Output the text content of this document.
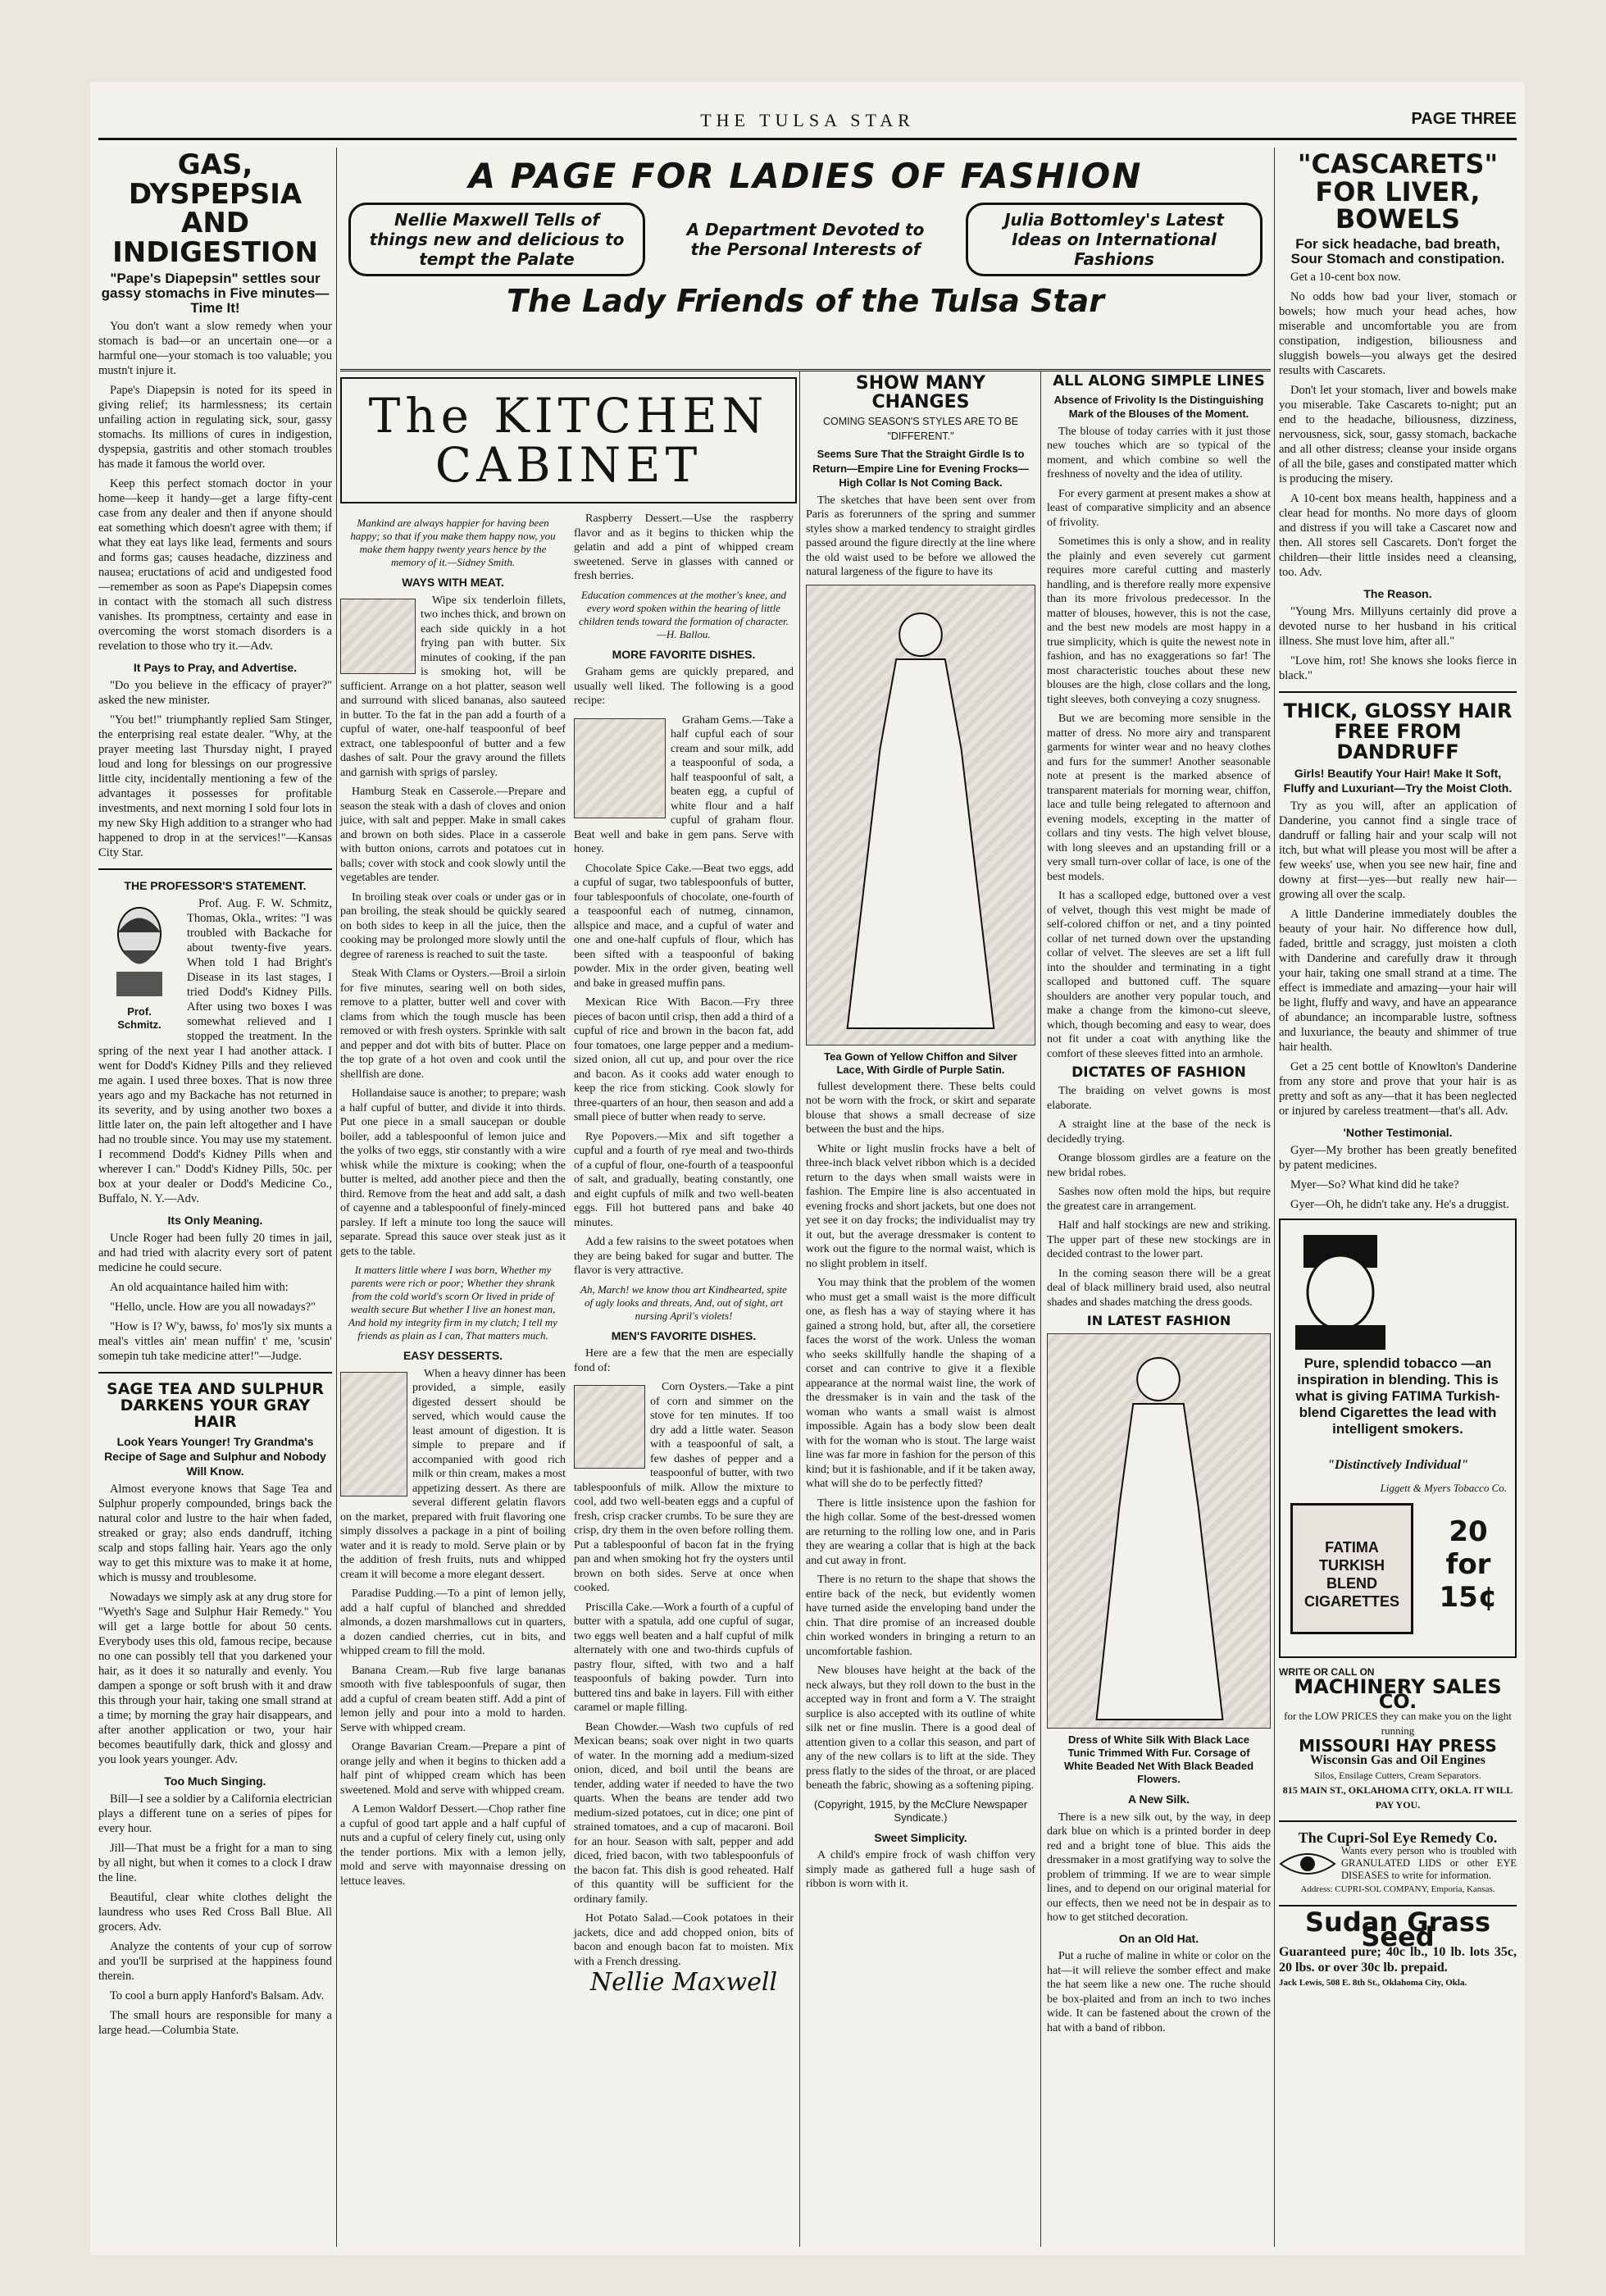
THE TULSA STAR	PAGE THREE
GAS, DYSPEPSIA AND INDIGESTION
"Pape's Diapepsin" settles sour gassy stomachs in Five minutes—Time It!

You don't want a slow remedy when your stomach is bad—or an uncertain one—or a harmful one—your stomach is too valuable; you mustn't injure it.

Pape's Diapepsin is noted for its speed in giving relief; its harmlessness; its certain unfailing action in regulating sick, sour, gassy stomachs. Its millions of cures in indigestion, dyspepsia, gastritis and other stomach troubles has made it famous the world over.

Keep this perfect stomach doctor in your home—keep it handy—get a large fifty-cent case from any dealer and then if anyone should eat something which doesn't agree with them; if what they eat lays like lead, ferments and sours and forms gas; causes headache, dizziness and nausea; eructations of acid and undigested food—remember as soon as Pape's Diapepsin comes in contact with the stomach all such distress vanishes. Its promptness, certainty and ease in overcoming the worst stomach disorders is a revelation to those who try it.—Adv.

It Pays to Pray, and Advertise.

"Do you believe in the efficacy of prayer?" asked the new minister.

"You bet!" triumphantly replied Sam Stinger, the enterprising real estate dealer. "Why, at the prayer meeting last Thursday night, I prayed loud and long for blessings on our progressive little city, incidentally mentioning a few of the advantages it possesses for profitable investments, and next morning I sold four lots in my new Sky High addition to a stranger who had happened to drop in at the services!"—Kansas City Star.

THE PROFESSOR'S STATEMENT.
Prof. Schmitz.

Prof. Aug. F. W. Schmitz, Thomas, Okla., writes: "I was troubled with Backache for about twenty-five years. When told I had Bright's Disease in its last stages, I tried Dodd's Kidney Pills. After using two boxes I was somewhat relieved and I stopped the treatment. In the spring of the next year I had another attack. I went for Dodd's Kidney Pills and they relieved me again. I used three boxes. That is now three years ago and my Backache has not returned in its severity, and by using another two boxes a little later on, the pain left altogether and I have had no trouble since. You may use my statement. I recommend Dodd's Kidney Pills when and wherever I can." Dodd's Kidney Pills, 50c. per box at your dealer or Dodd's Medicine Co., Buffalo, N. Y.—Adv.

Its Only Meaning.

Uncle Roger had been fully 20 times in jail, and had tried with alacrity every sort of patent medicine he could secure.

An old acquaintance hailed him with:

"Hello, uncle. How are you all nowadays?"

"How is I? W'y, bawss, fo' mos'ly six munts a meal's vittles ain' mean nuffin' t' me, 'scusin' somepin tuh take medicine atter!"—Judge.

SAGE TEA AND SULPHUR DARKENS YOUR GRAY HAIR
Look Years Younger! Try Grandma's Recipe of Sage and Sulphur and Nobody Will Know.

Almost everyone knows that Sage Tea and Sulphur properly compounded, brings back the natural color and lustre to the hair when faded, streaked or gray; also ends dandruff, itching scalp and stops falling hair. Years ago the only way to get this mixture was to make it at home, which is mussy and troublesome.

Nowadays we simply ask at any drug store for "Wyeth's Sage and Sulphur Hair Remedy." You will get a large bottle for about 50 cents. Everybody uses this old, famous recipe, because no one can possibly tell that you darkened your hair, as it does it so naturally and evenly. You dampen a sponge or soft brush with it and draw this through your hair, taking one small strand at a time; by morning the gray hair disappears, and after another application or two, your hair becomes beautifully dark, thick and glossy and you look years younger. Adv.

Too Much Singing.

Bill—I see a soldier by a California electrician plays a different tune on a series of pipes for every hour.

Jill—That must be a fright for a man to sing by all night, but when it comes to a clock I draw the line.

Beautiful, clear white clothes delight the laundress who uses Red Cross Ball Blue. All grocers. Adv.

Analyze the contents of your cup of sorrow and you'll be surprised at the happiness found therein.

To cool a burn apply Hanford's Balsam. Adv.

The small hours are responsible for many a large head.—Columbia State.

A PAGE FOR LADIES OF FASHION
Nellie Maxwell Tells of things new and delicious to tempt the Palate
A Department Devoted to the Personal Interests of
Julia Bottomley's Latest Ideas on International Fashions
The Lady Friends of the Tulsa Star
The KITCHEN CABINET
Mankind are always happier for having been happy; so that if you make them happy now, you make them happy twenty years hence by the memory of it.—Sidney Smith.
WAYS WITH MEAT.

Wipe six tenderloin fillets, two inches thick, and brown on each side quickly in a hot frying pan with butter. Six minutes of cooking, if the pan is smoking hot, will be sufficient. Arrange on a hot platter, season well and surround with sliced bananas, also sauteed in butter. To the fat in the pan add a fourth of a cupful of water, one-half teaspoonful of beef extract, one tablespoonful of butter and a few dashes of salt. Pour the gravy around the fillets and garnish with sprigs of parsley.

Hamburg Steak en Casserole.—Prepare and season the steak with a dash of cloves and onion juice, with salt and pepper. Make in small cakes and brown on both sides. Place in a casserole with button onions, carrots and potatoes cut in balls; cover with stock and cook slowly until the vegetables are tender.

In broiling steak over coals or under gas or in pan broiling, the steak should be quickly seared on both sides to keep in all the juice, then the cooking may be prolonged more slowly until the degree of rareness is reached to suit the taste.

Steak With Clams or Oysters.—Broil a sirloin for five minutes, searing well on both sides, remove to a platter, butter well and cover with clams from which the tough muscle has been removed or with fresh oysters. Sprinkle with salt and pepper and dot with bits of butter. Place on the top grate of a hot oven and cook until the shellfish are done.

Hollandaise sauce is another; to prepare; wash a half cupful of butter, and divide it into thirds. Put one piece in a small saucepan or double boiler, add a tablespoonful of lemon juice and the yolks of two eggs, stir constantly with a wire whisk while the mixture is cooking; when the butter is melted, add another piece and then the third. Remove from the heat and add salt, a dash of cayenne and a tablespoonful of finely-minced parsley. If left a minute too long the sauce will separate. Spread this sauce over steak just as it gets to the table.

It matters little where I was born, Whether my parents were rich or poor; Whether they shrank from the cold world's scorn Or lived in pride of wealth secure But whether I live an honest man, And hold my integrity firm in my clutch; I tell my friends as plain as I can, That matters much.
EASY DESSERTS.

When a heavy dinner has been provided, a simple, easily digested dessert should be served, which would cause the least amount of digestion. It is simple to prepare and if accompanied with good rich milk or thin cream, makes a most appetizing dessert. As there are several different gelatin flavors on the market, prepared with fruit flavoring one simply dissolves a package in a pint of boiling water and it is ready to mold. Serve plain or by the addition of fresh fruits, nuts and whipped cream it will become a more elegant dessert.

Paradise Pudding.—To a pint of lemon jelly, add a half cupful of blanched and shredded almonds, a dozen marshmallows cut in quarters, a dozen candied cherries, cut in bits, and whipped cream to fill the mold.

Banana Cream.—Rub five large bananas smooth with five tablespoonfuls of sugar, then add a cupful of cream beaten stiff. Add a pint of lemon jelly and pour into a mold to harden. Serve with whipped cream.

Orange Bavarian Cream.—Prepare a pint of orange jelly and when it begins to thicken add a half pint of whipped cream which has been sweetened. Mold and serve with whipped cream.

A Lemon Waldorf Dessert.—Chop rather fine a cupful of good tart apple and a half cupful of nuts and a cupful of celery finely cut, using only the tender portions. Mix with a lemon jelly, mold and serve with mayonnaise dressing on lettuce leaves.

Raspberry Dessert.—Use the raspberry flavor and as it begins to thicken whip the gelatin and add a pint of whipped cream sweetened. Serve in glasses with canned or fresh berries.

Education commences at the mother's knee, and every word spoken within the hearing of little children tends toward the formation of character.—H. Ballou.
MORE FAVORITE DISHES.

Graham gems are quickly prepared, and usually well liked. The following is a good recipe:

Graham Gems.—Take a half cupful each of sour cream and sour milk, add a teaspoonful of soda, a half teaspoonful of salt, a beaten egg, a cupful of white flour and a half cupful of graham flour. Beat well and bake in gem pans. Serve with honey.

Chocolate Spice Cake.—Beat two eggs, add a cupful of sugar, two tablespoonfuls of butter, four tablespoonfuls of chocolate, one-fourth of a teaspoonful each of nutmeg, cinnamon, allspice and mace, and a cupful of water and one and one-half cupfuls of flour, which has been sifted with a teaspoonful of baking powder. Mix in the order given, beating well and bake in greased muffin pans.

Mexican Rice With Bacon.—Fry three pieces of bacon until crisp, then add a third of a cupful of rice and brown in the bacon fat, add four tomatoes, one large pepper and a medium-sized onion, all cut up, and pour over the rice and bacon. As it cooks add water enough to keep the rice from sticking. Cook slowly for three-quarters of an hour, then season and add a small piece of butter when ready to serve.

Rye Popovers.—Mix and sift together a cupful and a fourth of rye meal and two-thirds of a cupful of flour, one-fourth of a teaspoonful of salt, and gradually, beating constantly, one and eight cupfuls of milk and two well-beaten eggs. Fill hot buttered pans and bake 40 minutes.

Add a few raisins to the sweet potatoes when they are being baked for sugar and butter. The flavor is very attractive.

Ah, March! we know thou art Kindhearted, spite of ugly looks and threats, And, out of sight, art nursing April's violets!
MEN'S FAVORITE DISHES.

Here are a few that the men are especially fond of:

Corn Oysters.—Take a pint of corn and simmer on the stove for ten minutes. If too dry add a little water. Season with a teaspoonful of salt, a few dashes of pepper and a teaspoonful of butter, with two tablespoonfuls of milk. Allow the mixture to cool, add two well-beaten eggs and a cupful of fresh, crisp cracker crumbs. To be sure they are crisp, dry them in the oven before rolling them. Put a tablespoonful of bacon fat in the frying pan and when smoking hot fry the oysters until brown on both sides. Serve at once when cooked.

Priscilla Cake.—Work a fourth of a cupful of butter with a spatula, add one cupful of sugar, two eggs well beaten and a half cupful of milk alternately with one and two-thirds cupfuls of pastry flour, sifted, with two and a half teaspoonfuls of baking powder. Turn into buttered tins and bake in layers. Fill with either caramel or maple filling.

Bean Chowder.—Wash two cupfuls of red Mexican beans; soak over night in two quarts of water. In the morning add a medium-sized onion, diced, and boil until the beans are tender, adding water if needed to have the two quarts. When the beans are tender add two medium-sized potatoes, cut in dice; one pint of strained tomatoes, and a cup of macaroni. Boil for an hour. Season with salt, pepper and add diced, fried bacon, with two tablespoonfuls of the bacon fat. This dish is good reheated. Half of this quantity will be sufficient for the ordinary family.

Hot Potato Salad.—Cook potatoes in their jackets, dice and add chopped onion, bits of bacon and enough bacon fat to moisten. Mix with a French dressing.

Nellie Maxwell
SHOW MANY CHANGES
COMING SEASON'S STYLES ARE TO BE "DIFFERENT."
Seems Sure That the Straight Girdle Is to Return—Empire Line for Evening Frocks—High Collar Is Not Coming Back.

The sketches that have been sent over from Paris as forerunners of the spring and summer styles show a marked tendency to straight girdles passed around the figure directly at the line where the old waist used to be before we allowed the natural largeness of the figure to have its

Tea Gown of Yellow Chiffon and Silver Lace, With Girdle of Purple Satin.

fullest development there. These belts could not be worn with the frock, or skirt and separate blouse that shows a small decrease of size between the bust and the hips.

White or light muslin frocks have a belt of three-inch black velvet ribbon which is a decided return to the days when small waists were in fashion. The Empire line is also accentuated in evening frocks and short jackets, but one does not yet see it on day frocks; the individualist may try it out, but the average dressmaker is content to work out the figure to the normal waist, which is no slight problem in itself.

You may think that the problem of the women who must get a small waist is the more difficult one, as flesh has a way of staying where it has gained a strong hold, but, after all, the corsetiere faces the worst of the work. Unless the woman who seeks skillfully handle the shaping of a corset and can contrive to give it a flexible appearance at the normal waist line, the work of the dressmaker is in vain and the task of the woman who wants a small waist is almost impossible. Again has a body slow been dealt with for the woman who is stout. The large waist line was far more in fashion for the person of this kind; but it is fashionable, and if it be taken away, what will she do to be perfectly fitted?

There is little insistence upon the fashion for the high collar. Some of the best-dressed women are returning to the rolling low one, and in Paris they are wearing a collar that is high at the back and cut away in front.

There is no return to the shape that shows the entire back of the neck, but evidently women have turned aside the enveloping band under the chin. That dire promise of an increased double chin worked wonders in bringing a return to an uncomfortable fashion.

New blouses have height at the back of the neck always, but they roll down to the bust in the accepted way in front and form a V. The straight surplice is also accepted with its outline of white silk net or fine muslin. There is a good deal of attention given to a collar this season, and part of any of the new collars is to lift at the side. They press flatly to the sides of the throat, or are placed beneath the fabric, showing as a softening piping.

(Copyright, 1915, by the McClure Newspaper Syndicate.)
Sweet Simplicity.

A child's empire frock of wash chiffon very simply made as gathered full a huge sash of ribbon is worn with it.

ALL ALONG SIMPLE LINES
Absence of Frivolity Is the Distinguishing Mark of the Blouses of the Moment.

The blouse of today carries with it just those new touches which are so typical of the moment, and which combine so well the freshness of novelty and the idea of utility.

For every garment at present makes a show at least of comparative simplicity and an absence of frivolity.

Sometimes this is only a show, and in reality the plainly and even severely cut garment requires more careful cutting and masterly handling, and is therefore really more expensive than its more frivolous predecessor. In the matter of blouses, however, this is not the case, and the best new models are most happy in a true simplicity, which is quite the newest note in fashion, and has no exaggerations so far! The most characteristic touches about these new blouses are the high, close collars and the long, tight sleeves, both conveying a cozy snugness.

But we are becoming more sensible in the matter of dress. No more airy and transparent garments for winter wear and no heavy clothes and furs for the summer! Another seasonable note at present is the marked absence of transparent materials for morning wear, chiffon, lace and tulle being relegated to afternoon and evening models, excepting in the matter of collars and tiny vests. The high velvet blouse, with long sleeves and an upstanding frill or a very small turn-over collar of lace, is one of the best models.

It has a scalloped edge, buttoned over a vest of velvet, though this vest might be made of self-colored chiffon or net, and a tiny pointed collar of net turned down over the upstanding collar of velvet. The sleeves are set a lift full into the shoulder and terminating in a tight scalloped and buttoned cuff. The square shoulders are another very popular touch, and make a change from the kimono-cut sleeve, which, though becoming and easy to wear, does not fit under a coat with anything like the comfort of these sleeves fitted into an armhole.

DICTATES OF FASHION

The braiding on velvet gowns is most elaborate.

A straight line at the base of the neck is decidedly trying.

Orange blossom girdles are a feature on the new bridal robes.

Sashes now often mold the hips, but require the greatest care in arrangement.

Half and half stockings are new and striking. The upper part of these new stockings are in decided contrast to the lower part.

In the coming season there will be a great deal of black millinery braid used, also neutral shades and shades matching the dress goods.

IN LATEST FASHION
Dress of White Silk With Black Lace Tunic Trimmed With Fur. Corsage of White Beaded Net With Black Beaded Flowers.
A New Silk.

There is a new silk out, by the way, in deep dark blue on which is a printed border in deep red and a bright tone of blue. This aids the dressmaker in a most gratifying way to solve the problem of trimming. If we are to wear simple lines, and to depend on our original material for our effects, then we need not be in despair as to how to get stitched decoration.

On an Old Hat.

Put a ruche of maline in white or color on the hat—it will relieve the somber effect and make the hat seem like a new one. The ruche should be box-plaited and from an inch to two inches wide. It can be fastened about the crown of the hat with a band of ribbon.

"CASCARETS" FOR LIVER, BOWELS
For sick headache, bad breath, Sour Stomach and constipation.

Get a 10-cent box now.

No odds how bad your liver, stomach or bowels; how much your head aches, how miserable and uncomfortable you are from constipation, indigestion, biliousness and sluggish bowels—you always get the desired results with Cascarets.

Don't let your stomach, liver and bowels make you miserable. Take Cascarets to-night; put an end to the headache, biliousness, dizziness, nervousness, sick, sour, gassy stomach, backache and all other distress; cleanse your inside organs of all the bile, gases and constipated matter which is producing the misery.

A 10-cent box means health, happiness and a clear head for months. No more days of gloom and distress if you will take a Cascaret now and then. All stores sell Cascarets. Don't forget the children—their little insides need a cleansing, too. Adv.

The Reason.

"Young Mrs. Millyuns certainly did prove a devoted nurse to her husband in his critical illness. She must love him, after all."

"Love him, rot! She knows she looks fierce in black."

THICK, GLOSSY HAIR FREE FROM DANDRUFF
Girls! Beautify Your Hair! Make It Soft, Fluffy and Luxuriant—Try the Moist Cloth.

Try as you will, after an application of Danderine, you cannot find a single trace of dandruff or falling hair and your scalp will not itch, but what will please you most will be after a few weeks' use, when you see new hair, fine and downy at first—yes—but really new hair—growing all over the scalp.

A little Danderine immediately doubles the beauty of your hair. No difference how dull, faded, brittle and scraggy, just moisten a cloth with Danderine and carefully draw it through your hair, taking one small strand at a time. The effect is immediate and amazing—your hair will be light, fluffy and wavy, and have an appearance of abundance; an incomparable lustre, softness and luxuriance, the beauty and shimmer of true hair health.

Get a 25 cent bottle of Knowlton's Danderine from any store and prove that your hair is as pretty and soft as any—that it has been neglected or injured by careless treatment—that's all. Adv.

'Nother Testimonial.

Gyer—My brother has been greatly benefited by patent medicines.

Myer—So? What kind did he take?

Gyer—Oh, he didn't take any. He's a druggist.

Pure, splendid tobacco —an inspiration in blending. This is what is giving FATIMA Turkish-blend Cigarettes the lead with intelligent smokers.
"Distinctively Individual"
Liggett & Myers Tobacco Co.
FATIMA TURKISH BLEND CIGARETTES
20 for 15¢
WRITE OR CALL ON
MACHINERY SALES CO.
for the LOW PRICES they can make you on the light running
MISSOURI HAY PRESS
Wisconsin Gas and Oil Engines
Silos, Ensilage Cutters, Cream Separators.
815 MAIN ST., OKLAHOMA CITY, OKLA. IT WILL PAY YOU.
The Cupri-Sol Eye Remedy Co.
Wants every person who is troubled with GRANULATED LIDS or other EYE DISEASES to write for information.
Address: CUPRI-SOL COMPANY, Emporia, Kansas.
Sudan Grass Seed
Guaranteed pure; 40c lb., 10 lb. lots 35c, 20 lbs. or over 30c lb. prepaid.
Jack Lewis, 508 E. 8th St., Oklahoma City, Okla.
